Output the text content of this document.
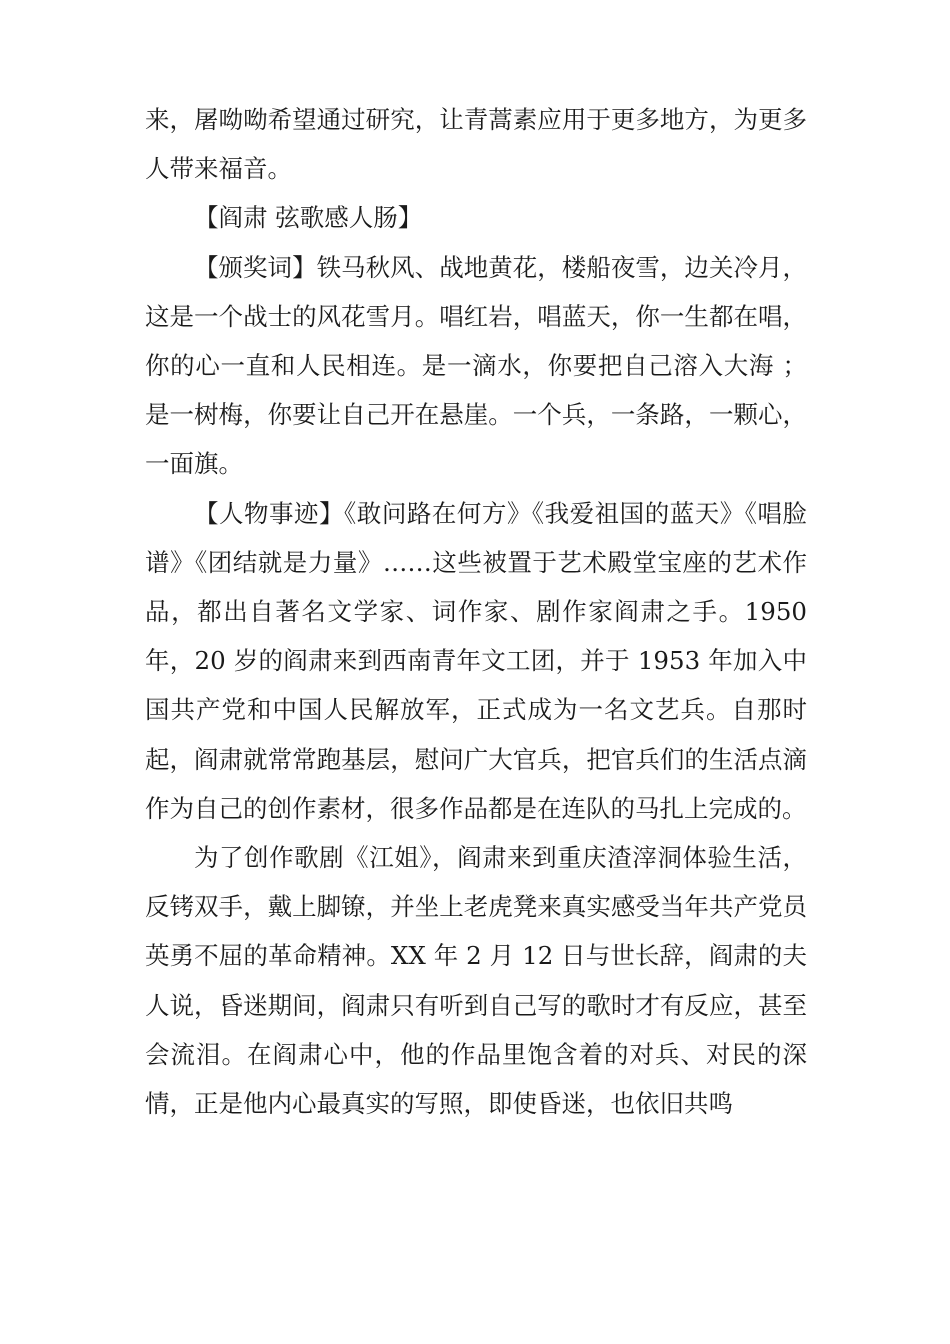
来，屠呦呦希望通过研究，让青蒿素应用于更多地方，为更多人带来福音。

【阎肃 弦歌感人肠】

【颁奖词】铁马秋风、战地黄花，楼船夜雪，边关冷月，这是一个战士的风花雪月。唱红岩，唱蓝天，你一生都在唱，你的心一直和人民相连。是一滴水，你要把自己溶入大海 ；是一树梅，你要让自己开在悬崖。一个兵，一条路，一颗心，一面旗。

【人物事迹】《敢问路在何方》《我爱祖国的蓝天》《唱脸谱》《团结就是力量》……这些被置于艺术殿堂宝座的艺术作品，都出自著名文学家、词作家、剧作家阎肃之手。1950年，20 岁的阎肃来到西南青年文工团，并于 1953 年加入中国共产党和中国人民解放军，正式成为一名文艺兵。自那时起，阎肃就常常跑基层，慰问广大官兵，把官兵们的生活点滴作为自己的创作素材，很多作品都是在连队的马扎上完成的。

为了创作歌剧《江姐》，阎肃来到重庆渣滓洞体验生活，反铐双手，戴上脚镣，并坐上老虎凳来真实感受当年共产党员英勇不屈的革命精神。XX 年 2 月 12 日与世长辞，阎肃的夫人说，昏迷期间，阎肃只有听到自己写的歌时才有反应，甚至会流泪。在阎肃心中，他的作品里饱含着的对兵、对民的深情，正是他内心最真实的写照，即使昏迷，也依旧共鸣
